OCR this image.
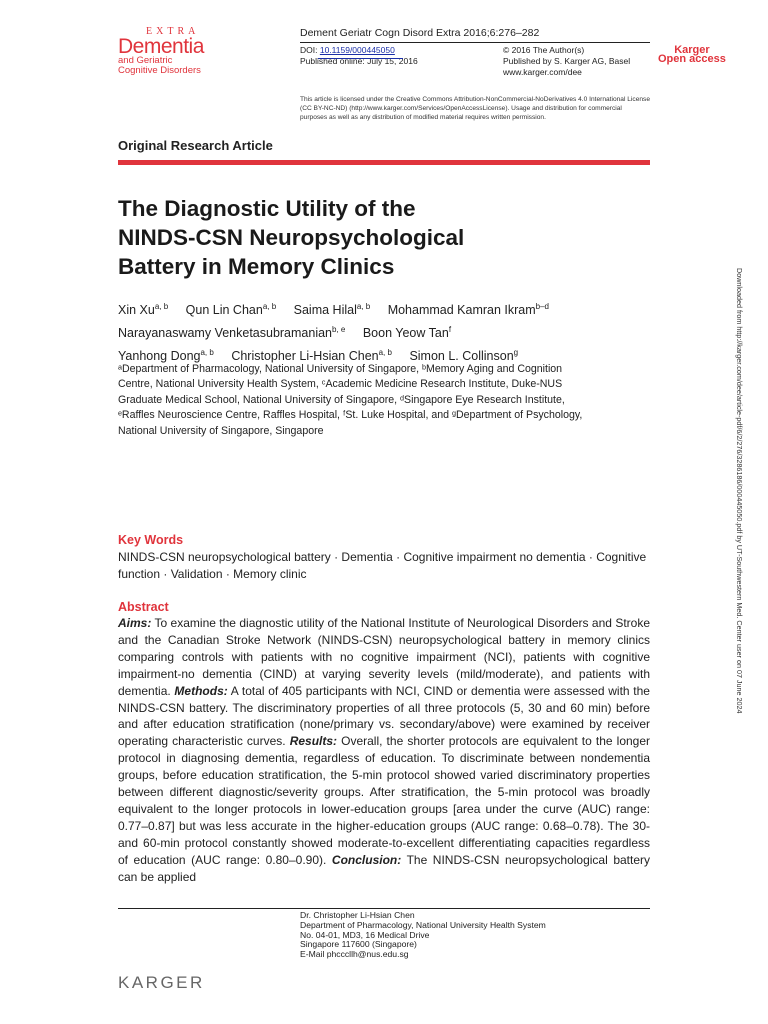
EXTRA
Dementia
and Geriatric
Cognitive Disorders
Dement Geriatr Cogn Disord Extra 2016;6:276–282
DOI: 10.1159/000445050
Published online: July 15, 2016
© 2016 The Author(s)
Published by S. Karger AG, Basel
www.karger.com/dee
Karger
Open access
This article is licensed under the Creative Commons Attribution-NonCommercial-NoDerivatives 4.0 International License (CC BY-NC-ND) (http://www.karger.com/Services/OpenAccessLicense). Usage and distribution for commercial purposes as well as any distribution of modified material requires written permission.
Original Research Article
The Diagnostic Utility of the
NINDS-CSN Neuropsychological
Battery in Memory Clinics
Xin Xu$^{a, b}$ Qun Lin Chan$^{a, b}$ Saima Hilal$^{a, b}$ Mohammad Kamran Ikram$^{b-d}$
Narayanaswamy Venketasubramanian$^{b, e}$ Boon Yeow Tan$^f$
Yanhong Dong$^{a, b}$ Christopher Li-Hsian Chen$^{a, b}$ Simon L. Collinson$^g$
ᵃDepartment of Pharmacology, National University of Singapore, ᵇMemory Aging and Cognition Centre, National University Health System, ᶜAcademic Medicine Research Institute, Duke-NUS Graduate Medical School, National University of Singapore, ᵈSingapore Eye Research Institute, ᵉRaffles Neuroscience Centre, Raffles Hospital, ᶠSt. Luke Hospital, and ᵍDepartment of Psychology, National University of Singapore, Singapore
Key Words
NINDS-CSN neuropsychological battery · Dementia · Cognitive impairment no dementia · Cognitive function · Validation · Memory clinic
Abstract
Aims: To examine the diagnostic utility of the National Institute of Neurological Disorders and Stroke and the Canadian Stroke Network (NINDS-CSN) neuropsychological battery in memory clinics comparing controls with patients with no cognitive impairment (NCI), patients with cognitive impairment-no dementia (CIND) at varying severity levels (mild/moderate), and patients with dementia. Methods: A total of 405 participants with NCI, CIND or dementia were assessed with the NINDS-CSN battery. The discriminatory properties of all three protocols (5, 30 and 60 min) before and after education stratification (none/primary vs. secondary/above) were examined by receiver operating characteristic curves. Results: Overall, the shorter protocols are equivalent to the longer protocol in diagnosing dementia, regardless of education. To discriminate between nondementia groups, before education stratification, the 5-min protocol showed varied discriminatory properties between different diagnostic/severity groups. After stratification, the 5-min protocol was broadly equivalent to the longer protocols in lower-education groups [area under the curve (AUC) range: 0.77–0.87] but was less accurate in the higher-education groups (AUC range: 0.68–0.78). The 30- and 60-min protocol constantly showed moderate-to-excellent differentiating capacities regardless of education (AUC range: 0.80–0.90). Conclusion: The NINDS-CSN neuropsychological battery can be applied
Dr. Christopher Li-Hsian Chen
Department of Pharmacology, National University Health System
No. 04-01, MD3, 16 Medical Drive
Singapore 117600 (Singapore)
E-Mail phcccllh@nus.edu.sg
KARGER
Downloaded from http://karger.com/dee/article-pdf/6/2/276/3286186/000445050.pdf by UT-Southwestern Med. Center user on 07 June 2024
